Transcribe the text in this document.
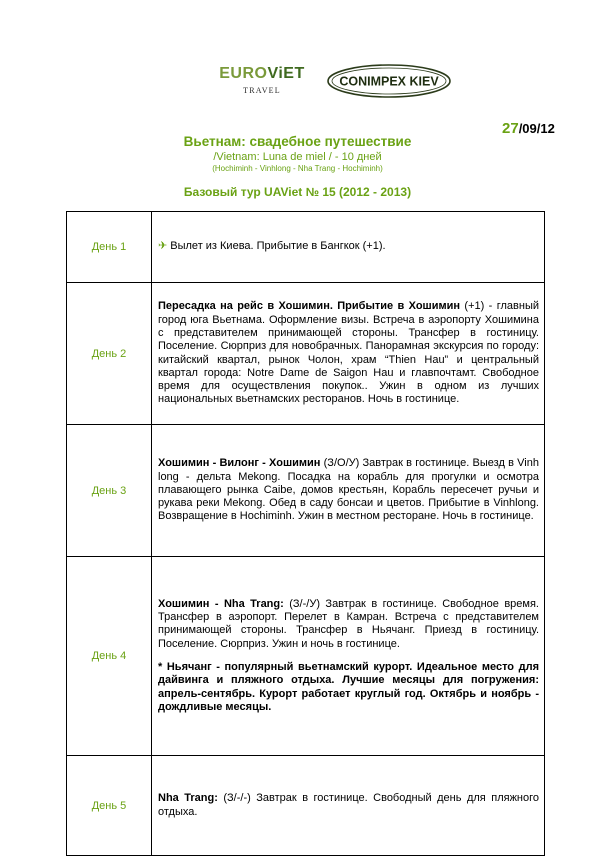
EUROViET
TRAVEL
CONIMPEX KIEV
27/09/12
Вьетнам: свадебное путешествие
/Vietnam: Luna de miel / - 10 дней
(Hochiminh - Vinhlong - Nha Trang - Hochiminh)
Базовый тур UAViet № 15 (2012 - 2013)
День 1	✈ Вылет из Киева. Прибытие в Бангкок (+1).
День 2	Пересадка на рейс в Хошимин. Прибытие в Хошимин (+1) - главный город юга Вьетнама. Оформление визы. Встреча в аэропорту Хошимина с представителем принимающей стороны. Трансфер в гостиницу. Поселение. Сюрприз для новобрачных. Панорамная экскурсия по городу: китайский квартал, рынок Чолон, храм “Thien Hau” и центральный квартал города: Notre Dame de Saigon Hau и главпочтамт. Свободное время для осуществления покупок.. Ужин в одном из лучших национальных вьетнамских ресторанов. Ночь в гостинице.
День 3	Хошимин - Вилонг - Хошимин (З/О/У) Завтрак в гостинице. Выезд в Vinh long - дельта Mekong. Посадка на корабль для прогулки и осмотра плавающего рынка Caibe, домов крестьян, Корабль пересечет ручьи и рукава реки Mekong. Обед в саду бонсаи и цветов. Прибытие в Vinhlong. Возвращение в Hochiminh. Ужин в местном ресторане. Ночь в гостинице.
День 4	Хошимин - Nha Trang: (З/-/У) Завтрак в гостинице. Свободное время. Трансфер в аэропорт. Перелет в Камран. Встреча с представителем принимающей стороны. Трансфер в Ньячанг. Приезд в гостиницу. Поселение. Сюрприз. Ужин и ночь в гостинице.

* Ньячанг - популярный вьетнамский курорт. Идеальное место для дайвинга и пляжного отдыха. Лучшие месяцы для погружения: апрель-сентябрь. Курорт работает круглый год. Октябрь и ноябрь - дождливые месяцы.

День 5	Nha Trang: (З/-/-) Завтрак в гостинице. Свободный день для пляжного отдыха.
